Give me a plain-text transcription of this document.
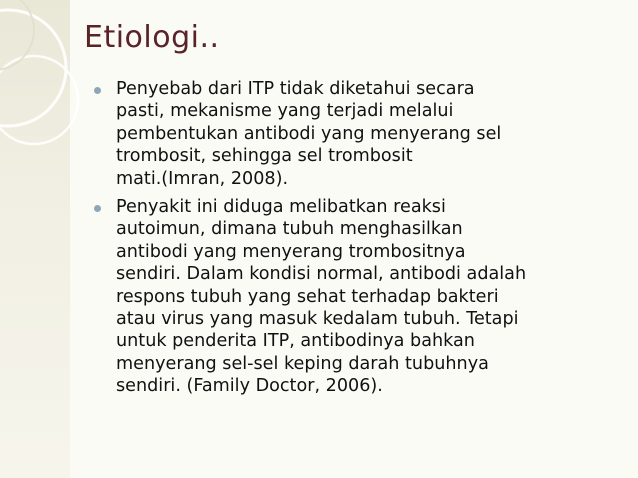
Etiologi..
Penyebab dari ITP tidak diketahui secara
pasti, mekanisme yang terjadi melalui
pembentukan antibodi yang menyerang sel
trombosit, sehingga sel trombosit
mati.(Imran, 2008).
Penyakit ini diduga melibatkan reaksi
autoimun, dimana tubuh menghasilkan
antibodi yang menyerang trombositnya
sendiri. Dalam kondisi normal, antibodi adalah
respons tubuh yang sehat terhadap bakteri
atau virus yang masuk kedalam tubuh. Tetapi
untuk penderita ITP, antibodinya bahkan
menyerang sel-sel keping darah tubuhnya
sendiri. (Family Doctor, 2006).
